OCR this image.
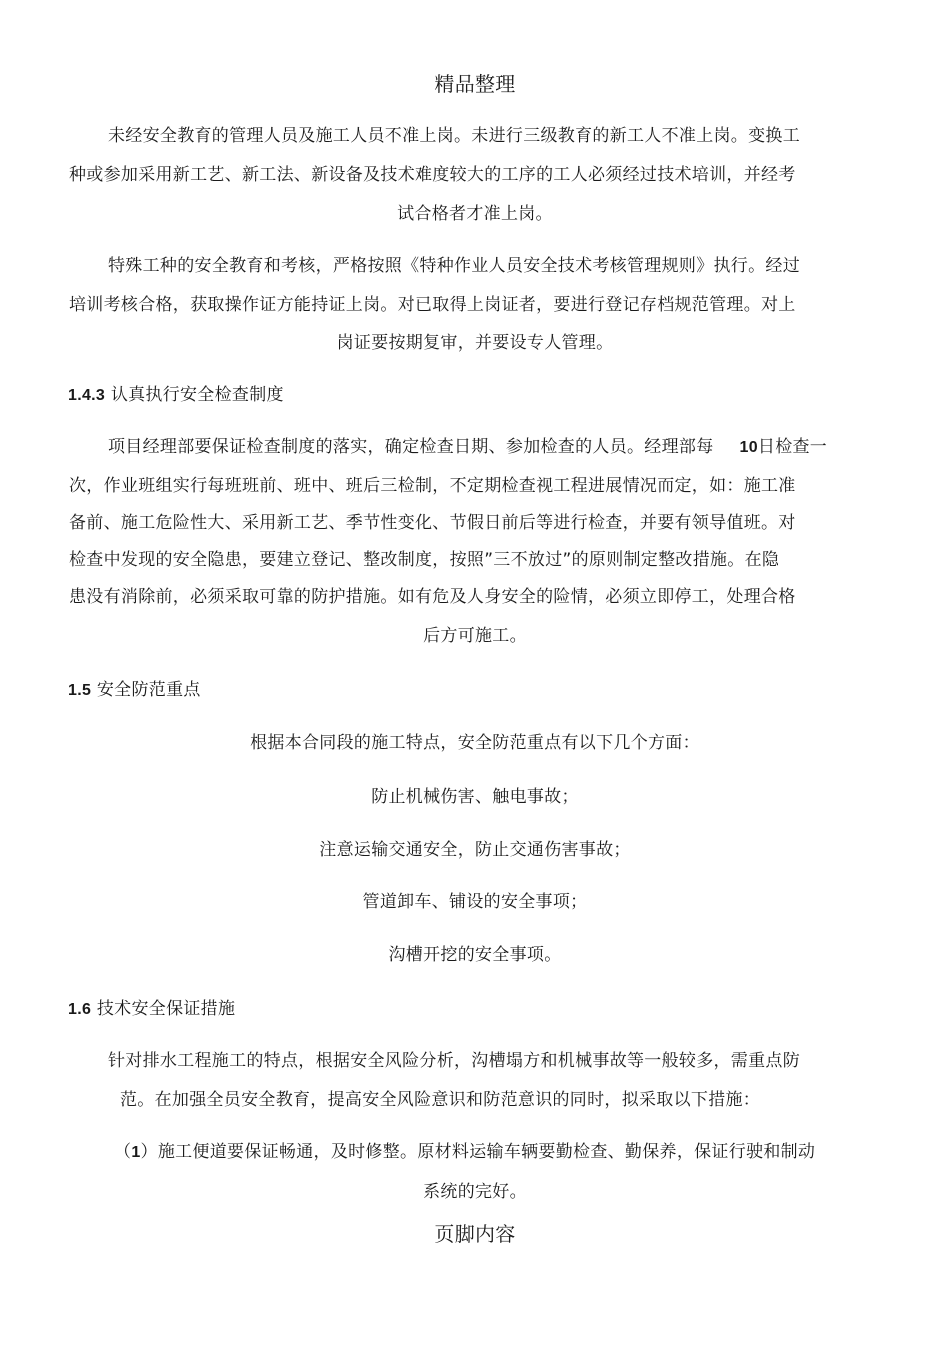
精品整理
未经安全教育的管理人员及施工人员不准上岗。未进行三级教育的新工人不准上岗。变换工
种或参加采用新工艺、新工法、新设备及技术难度较大的工序的工人必须经过技术培训，并经考
试合格者才准上岗。
特殊工种的安全教育和考核，严格按照《特种作业人员安全技术考核管理规则》执行。经过
培训考核合格，获取操作证方能持证上岗。对已取得上岗证者，要进行登记存档规范管理。对上
岗证要按期复审，并要设专人管理。
1.4.3 认真执行安全检查制度
项目经理部要保证检查制度的落实，确定检查日期、参加检查的人员。经理部每 10日检查一
次，作业班组实行每班班前、班中、班后三检制，不定期检查视工程进展情况而定，如：施工准
备前、施工危险性大、采用新工艺、季节性变化、节假日前后等进行检查，并要有领导值班。对
检查中发现的安全隐患，要建立登记、整改制度，按照”三不放过”的原则制定整改措施。在隐
患没有消除前，必须采取可靠的防护措施。如有危及人身安全的险情，必须立即停工，处理合格
后方可施工。
1.5 安全防范重点
根据本合同段的施工特点，安全防范重点有以下几个方面：
防止机械伤害、触电事故；
注意运输交通安全，防止交通伤害事故；
管道卸车、铺设的安全事项；
沟槽开挖的安全事项。
1.6 技术安全保证措施
针对排水工程施工的特点，根据安全风险分析，沟槽塌方和机械事故等一般较多，需重点防
范。在加强全员安全教育，提高安全风险意识和防范意识的同时，拟采取以下措施：
（1）施工便道要保证畅通，及时修整。原材料运输车辆要勤检查、勤保养，保证行驶和制动
系统的完好。
页脚内容
